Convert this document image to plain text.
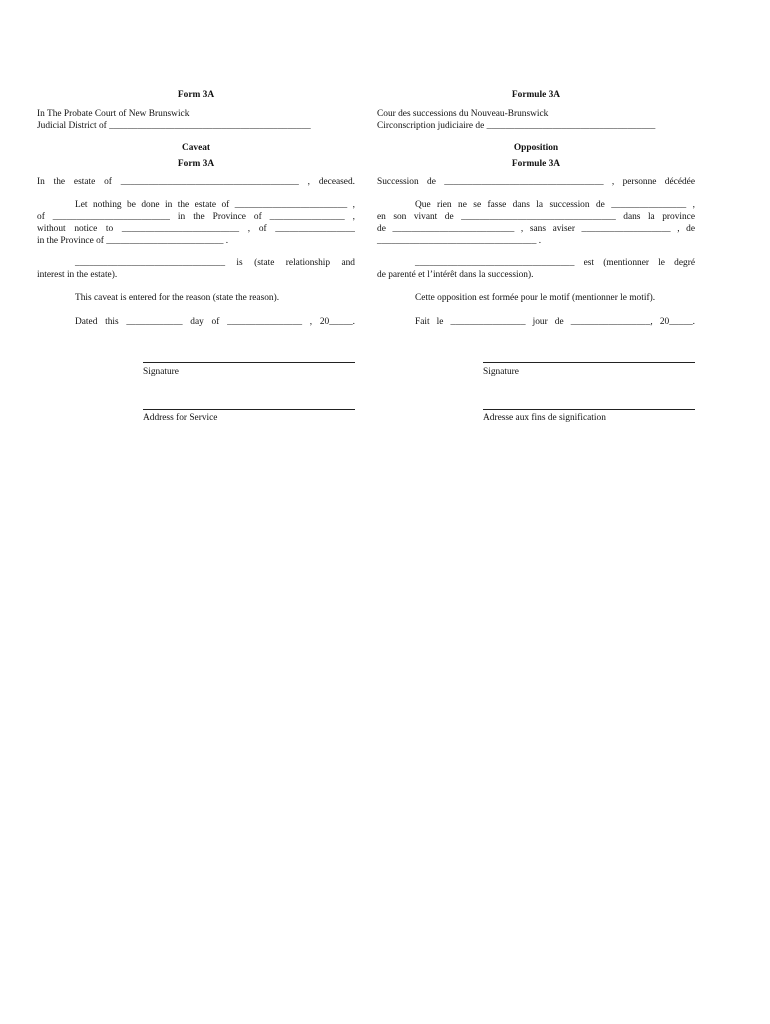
Form 3A
In The Probate Court of New Brunswick
Judicial District of ___________________________________________
Caveat
Form 3A
In the estate of ______________________________________ , deceased.
Let nothing be done in the estate of ________________________ ,
of _________________________ in the Province of ________________ ,
without notice to _________________________ , of _________________
in the Province of _________________________ .
________________________________ is (state relationship and
interest in the estate).
This caveat is entered for the reason (state the reason).
Dated this ____________ day of ________________ , 20_____.
Signature
Address for Service
Formule 3A
Cour des successions du Nouveau-Brunswick
Circonscription judiciaire de ____________________________________
Opposition
Formule 3A
Succession de __________________________________ , personne décédée
Que rien ne se fasse dans la succession de ________________ ,
en son vivant de _________________________________ dans la province
de __________________________ , sans aviser ___________________ , de
__________________________________ .
__________________________________ est (mentionner le degré
de parenté et l’intérêt dans la succession).
Cette opposition est formée pour le motif (mentionner le motif).
Fait le ________________ jour de _________________, 20_____.
Signature
Adresse aux fins de signification
